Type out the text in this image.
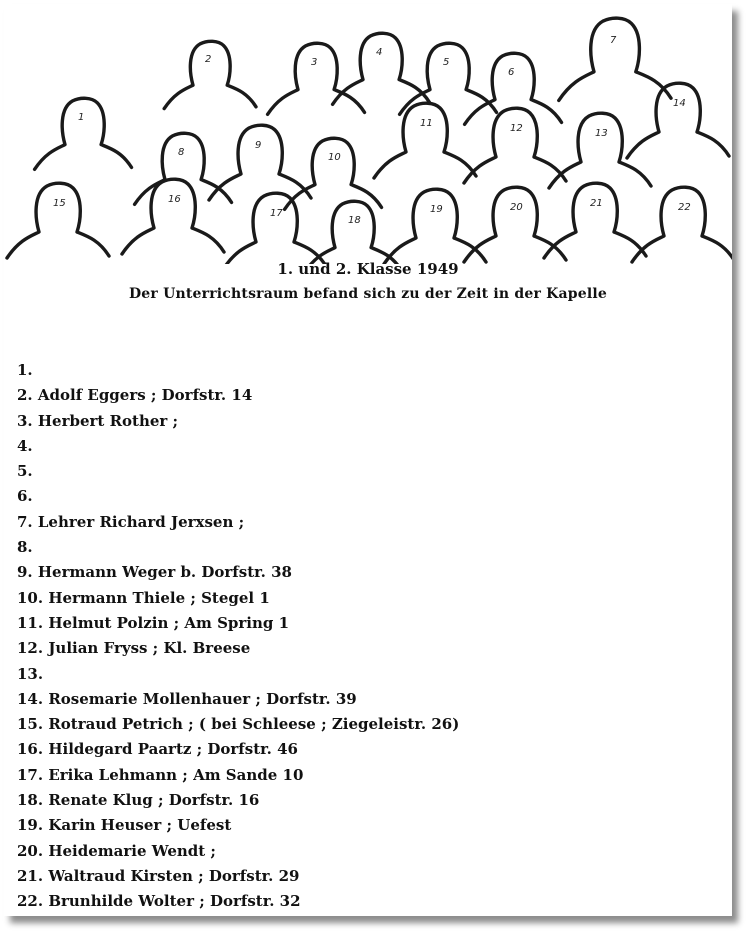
1
2	3
4
5
6
7
8
9
10
11	12	13
14
15	16
17
18
19	20	21	22
1. und 2. Klasse 1949
Der Unterrichtsraum befand sich zu der Zeit in der Kapelle
1.
2. Adolf Eggers ; Dorfstr. 14
3. Herbert Rother ;
4.
5.
6.
7. Lehrer Richard Jerxsen ;
8.
9. Hermann Weger b. Dorfstr. 38
10. Hermann Thiele ; Stegel 1
11. Helmut Polzin ; Am Spring 1
12. Julian Fryss ; Kl. Breese
13.
14. Rosemarie Mollenhauer ; Dorfstr. 39
15. Rotraud Petrich ; ( bei Schleese ; Ziegeleistr. 26)
16. Hildegard Paartz ; Dorfstr. 46
17. Erika Lehmann ; Am Sande 10
18. Renate Klug ; Dorfstr. 16
19. Karin Heuser ; Uefest
20. Heidemarie Wendt ;
21. Waltraud Kirsten ; Dorfstr. 29
22. Brunhilde Wolter ; Dorfstr. 32
